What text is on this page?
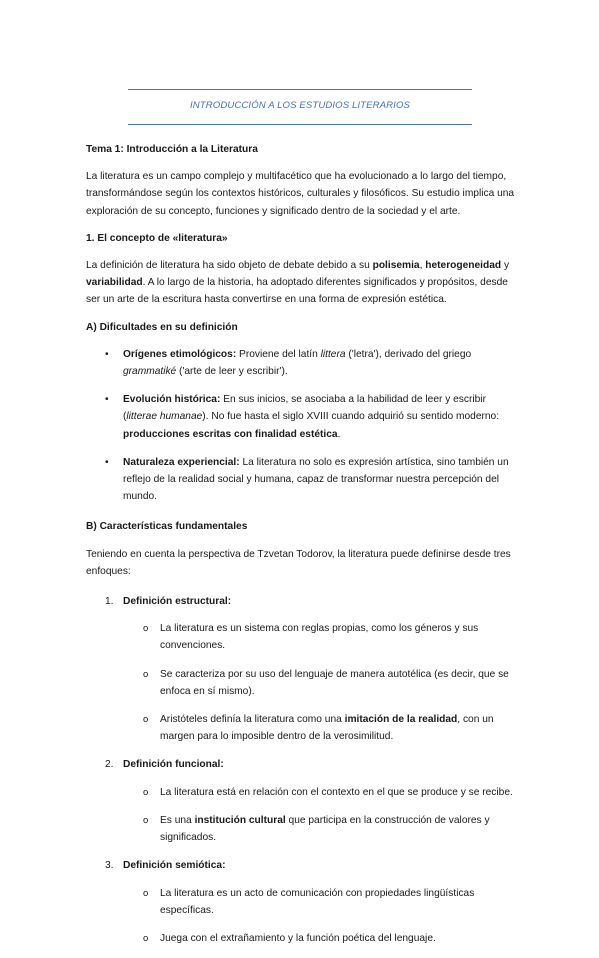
INTRODUCCIÓN A LOS ESTUDIOS LITERARIOS

Tema 1: Introducción a la Literatura

La literatura es un campo complejo y multifacético que ha evolucionado a lo largo del tiempo, transformándose según los contextos históricos, culturales y filosóficos. Su estudio implica una exploración de su concepto, funciones y significado dentro de la sociedad y el arte.

1. El concepto de «literatura»

La definición de literatura ha sido objeto de debate debido a su polisemia, heterogeneidad y variabilidad. A lo largo de la historia, ha adoptado diferentes significados y propósitos, desde ser un arte de la escritura hasta convertirse en una forma de expresión estética.

A) Dificultades en su definición

• Orígenes etimológicos: Proviene del latín littera ('letra'), derivado del griego grammatiké ('arte de leer y escribir').
• Evolución histórica: En sus inicios, se asociaba a la habilidad de leer y escribir (litterae humanae). No fue hasta el siglo XVIII cuando adquirió su sentido moderno: producciones escritas con finalidad estética.
• Naturaleza experiencial: La literatura no solo es expresión artística, sino también un reflejo de la realidad social y humana, capaz de transformar nuestra percepción del mundo.

B) Características fundamentales

Teniendo en cuenta la perspectiva de Tzvetan Todorov, la literatura puede definirse desde tres enfoques:

1. Definición estructural:
o La literatura es un sistema con reglas propias, como los géneros y sus convenciones.
o Se caracteriza por su uso del lenguaje de manera autotélica (es decir, que se enfoca en sí mismo).
o Aristóteles definía la literatura como una imitación de la realidad, con un margen para lo imposible dentro de la verosimilitud.
2. Definición funcional:
o La literatura está en relación con el contexto en el que se produce y se recibe.
o Es una institución cultural que participa en la construcción de valores y significados.
3. Definición semiótica:
o La literatura es un acto de comunicación con propiedades lingüísticas específicas.
o Juega con el extrañamiento y la función poética del lenguaje.
